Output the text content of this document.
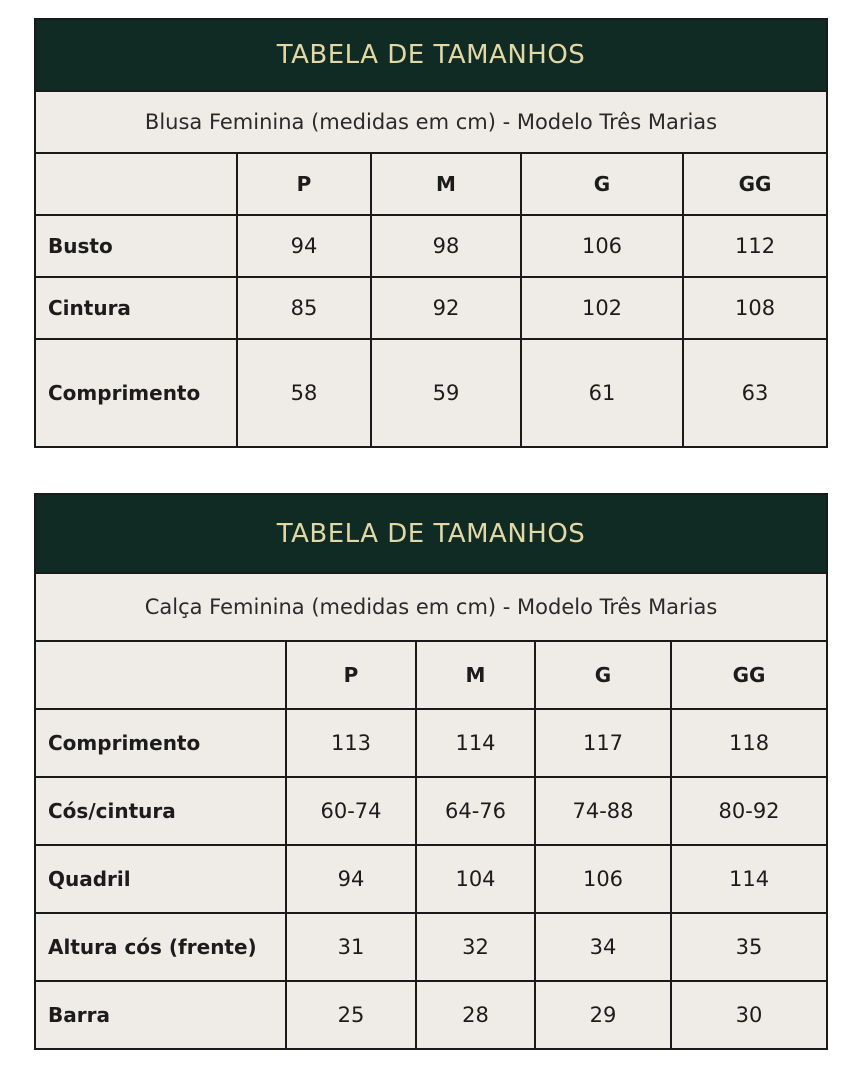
TABELA DE TAMANHOS				
Blusa Feminina (medidas em cm) - Modelo Três Marias				
	P	M	G	GG
Busto	94	98	106	112
Cintura	85	92	102	108
Comprimento	58	59	61	63
TABELA DE TAMANHOS				
Calça Feminina (medidas em cm) - Modelo Três Marias				
	P	M	G	GG
Comprimento	113	114	117	118
Cós/cintura	60-74	64-76	74-88	80-92
Quadril	94	104	106	114
Altura cós (frente)	31	32	34	35
Barra	25	28	29	30
